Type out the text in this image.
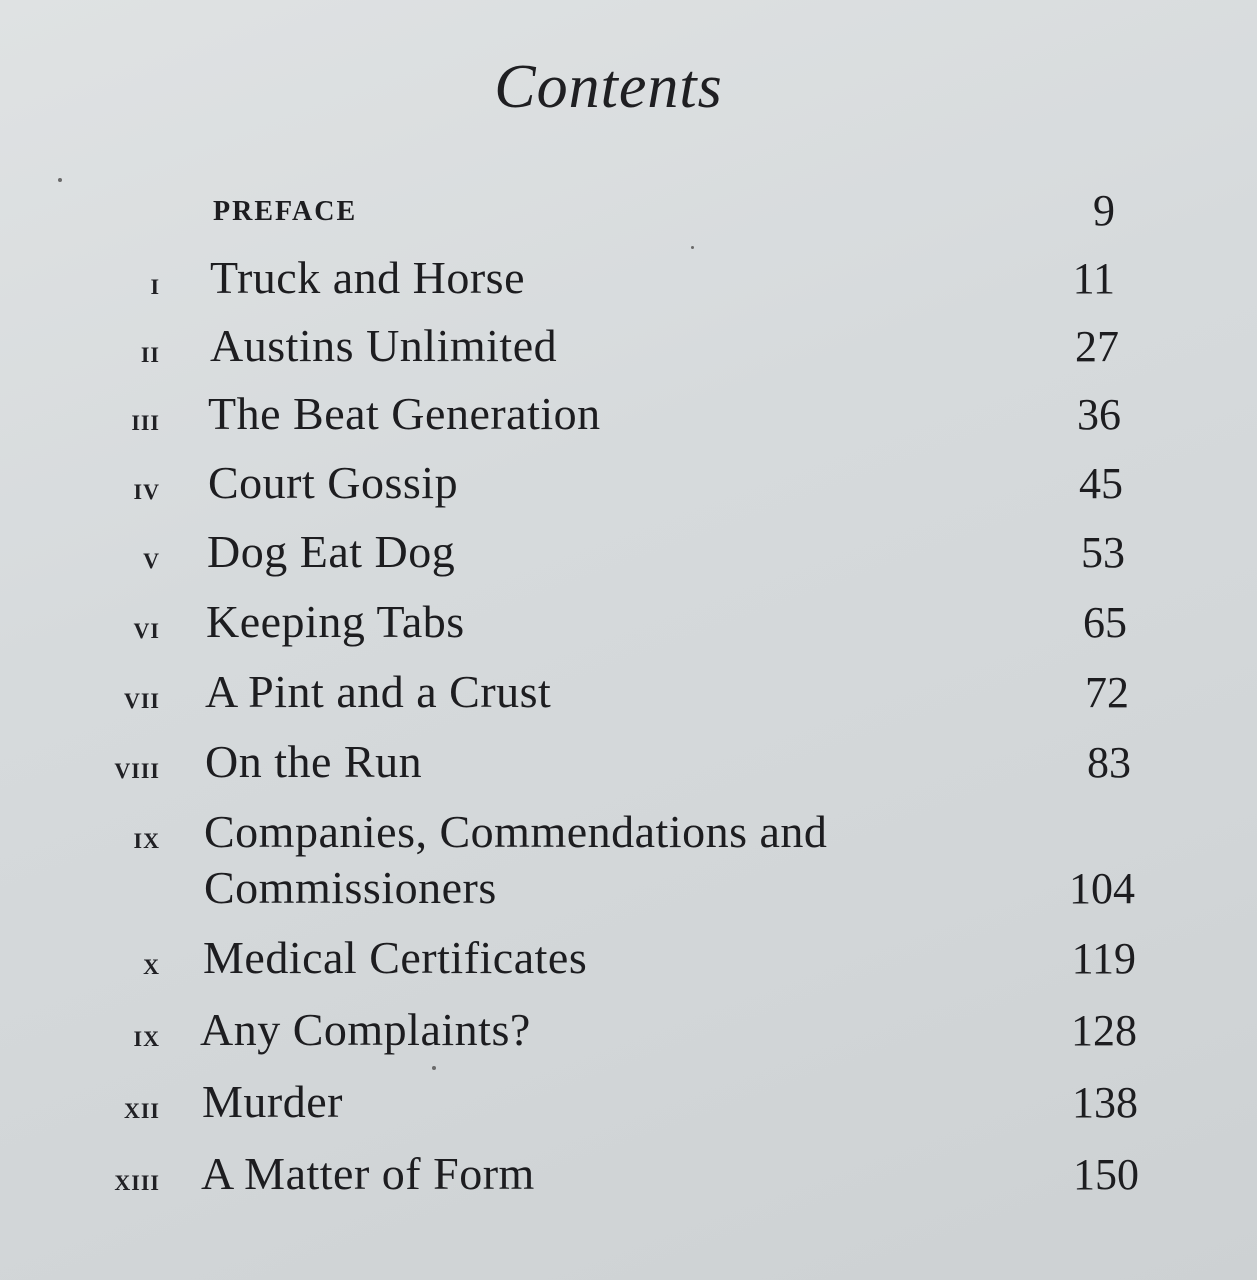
Contents
PREFACE	9
i Truck and Horse	11
ii Austins Unlimited	27
iii The Beat Generation	36
iv Court Gossip	45
v Dog Eat Dog	53
vi Keeping Tabs	65
vii A Pint and a Crust	72
viii On the Run	83
ix Companies, Commendations and
Commissioners	104
x Medical Certificates	119
ix Any Complaints?	128
xii Murder	138
xiii A Matter of Form	150
